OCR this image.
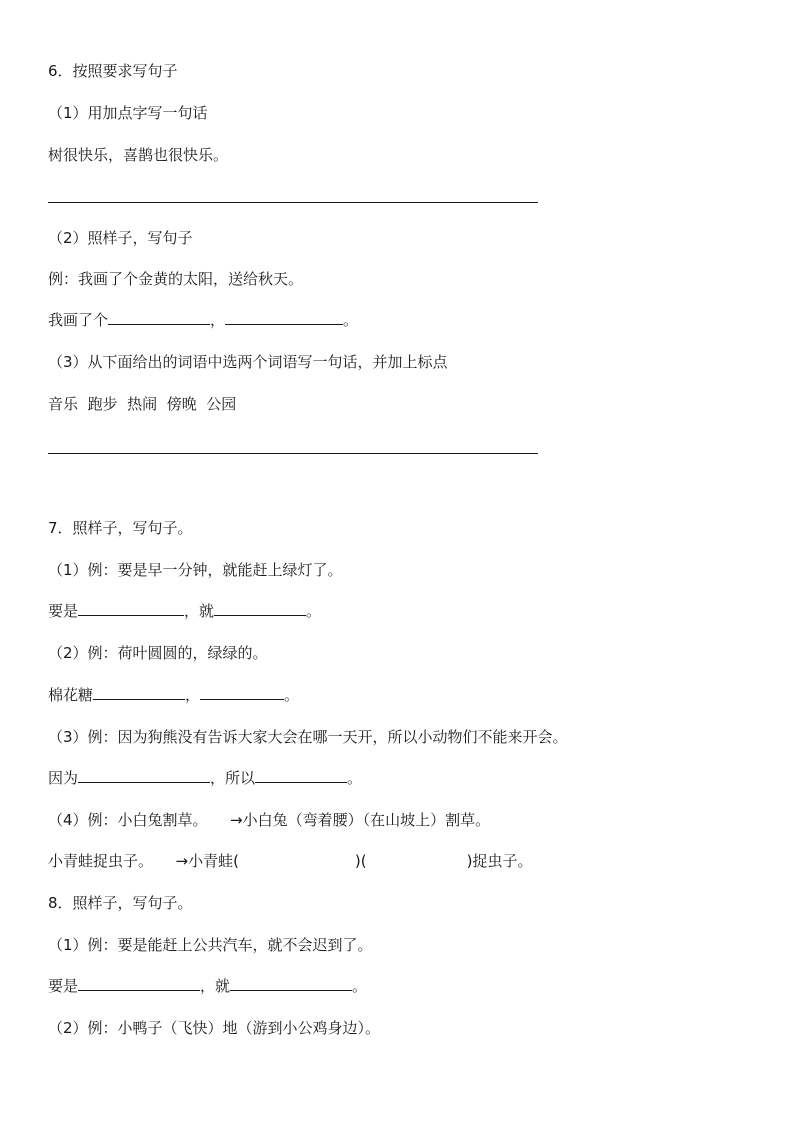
6．按照要求写句子
（1）用加点字写一句话
树很快乐，喜鹊也很快乐。
（2）照样子，写句子
例：我画了个金黄的太阳，送给秋天。
我画了个	，	。
（3）从下面给出的词语中选两个词语写一句话，并加上标点
音乐 跑步 热闹 傍晚 公园
7．照样子，写句子。
（1）例：要是早一分钟，就能赶上绿灯了。
要是	，就	。
（2）例：荷叶圆圆的，绿绿的。
棉花糖	，	。
（3）例：因为狗熊没有告诉大家大会在哪一天开，所以小动物们不能来开会。
因为	，所以	。
（4）例：小白兔割草。　　→小白兔（弯着腰）（在山坡上）割草。
小青蛙捉虫子。　　→小青蛙(	)(	)捉虫子。
8．照样子，写句子。
（1）例：要是能赶上公共汽车，就不会迟到了。
要是	，就	。
（2）例：小鸭子（飞快）地（游到小公鸡身边）。
